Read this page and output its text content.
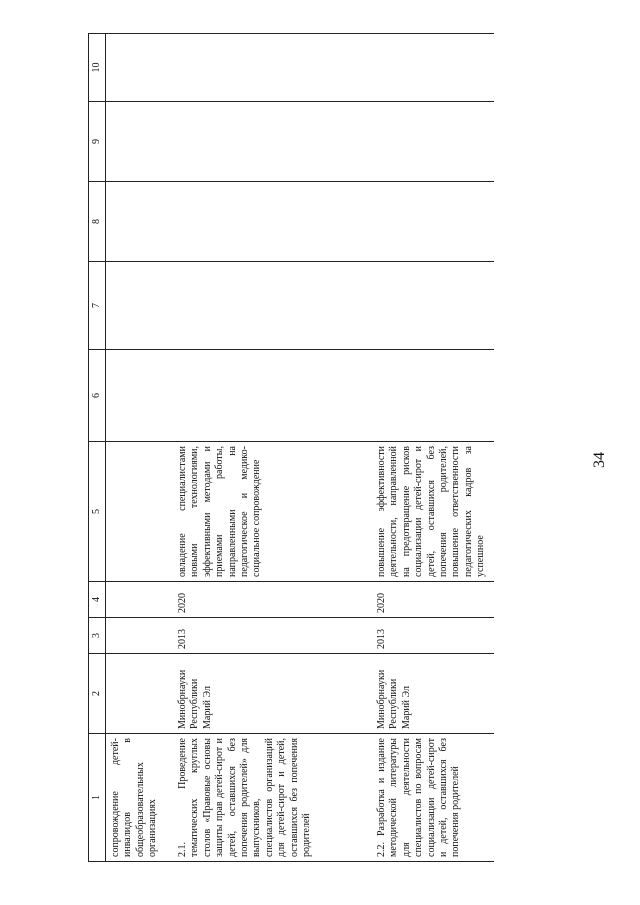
34
1	2	3	4	5	6	7	8	9	10
сопровождение детей-инвалидов в общеобразовательных организациях									
2.1. Проведение тематических круглых столов «Правовые основы защиты прав детей-сирот и детей, оставшихся без попечения родителей» для выпускников, специалистов организаций для детей-сирот и детей, оставшихся без попечения родителей	Минобрнауки Республики Марий Эл	2013	2020	овладение специалистами новыми технологиями, эффективными методами и приемами работы, направленными на педагогическое и медико-социальное сопровождение					
2.2. Разработка и издание методической литературы для деятельности специалистов по вопросам социализации детей-сирот и детей, оставшихся без попечения родителей	Минобрнауки Республики Марий Эл	2013	2020	повышение эффективности деятельности, направленной на предотвращение рисков социализации детей-сирот и детей, оставшихся без попечения родителей, повышение ответственности педагогических кадров за успешное					
